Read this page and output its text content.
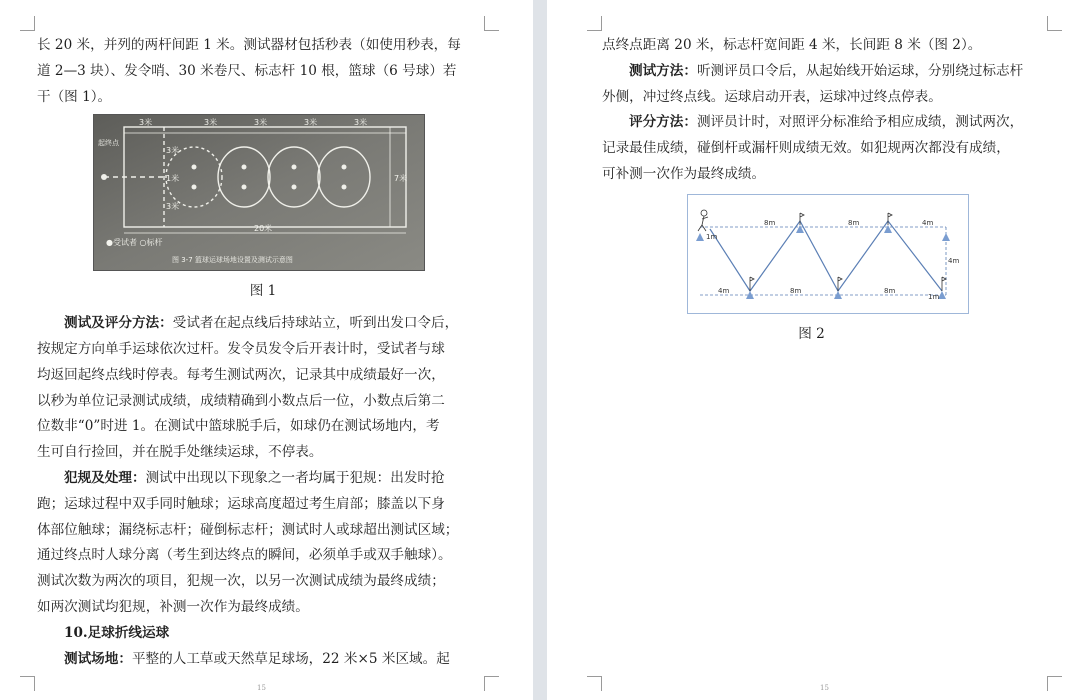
长 20 米，并列的两杆间距 1 米。测试器材包括秒表（如使用秒表，每
道 2—3 块）、发令哨、30 米卷尺、标志杆 10 根，篮球（6 号球）若
干（图 1）。

3米	3米	3米	3米	3米
3米
1米
3米
7米
20米
起终点
●受试者 ○标杆
图 3-7 篮球运球场地设置及测试示意图
图 1

测试及评分方法：受试者在起点线后持球站立，听到出发口令后，

按规定方向单手运球依次过杆。发令员发令后开表计时，受试者与球

均返回起终点线时停表。每考生测试两次，记录其中成绩最好一次，

以秒为单位记录测试成绩，成绩精确到小数点后一位，小数点后第二

位数非“0”时进 1。在测试中篮球脱手后，如球仍在测试场地内，考

生可自行捡回，并在脱手处继续运球，不停表。

犯规及处理：测试中出现以下现象之一者均属于犯规：出发时抢

跑；运球过程中双手同时触球；运球高度超过考生肩部；膝盖以下身

体部位触球；漏绕标志杆；碰倒标志杆；测试时人或球超出测试区域；

通过终点时人球分离（考生到达终点的瞬间，必须单手或双手触球）。

测试次数为两次的项目，犯规一次，以另一次测试成绩为最终成绩；

如两次测试均犯规，补测一次作为最终成绩。

10.足球折线运球

测试场地：平整的人工草或天然草足球场，22 米×5 米区域。起

15

点终点距离 20 米，标志杆宽间距 4 米，长间距 8 米（图 2）。

测试方法：听测评员口令后，从起始线开始运球，分别绕过标志杆

外侧，冲过终点线。运球启动开表，运球冲过终点停表。

评分方法：测评员计时，对照评分标准给予相应成绩，测试两次，

记录最佳成绩，碰倒杆或漏杆则成绩无效。如犯规两次都没有成绩，

可补测一次作为最终成绩。

8m	8m	4m
4m
4m	8m	8m
1m
1m
图 2
15
